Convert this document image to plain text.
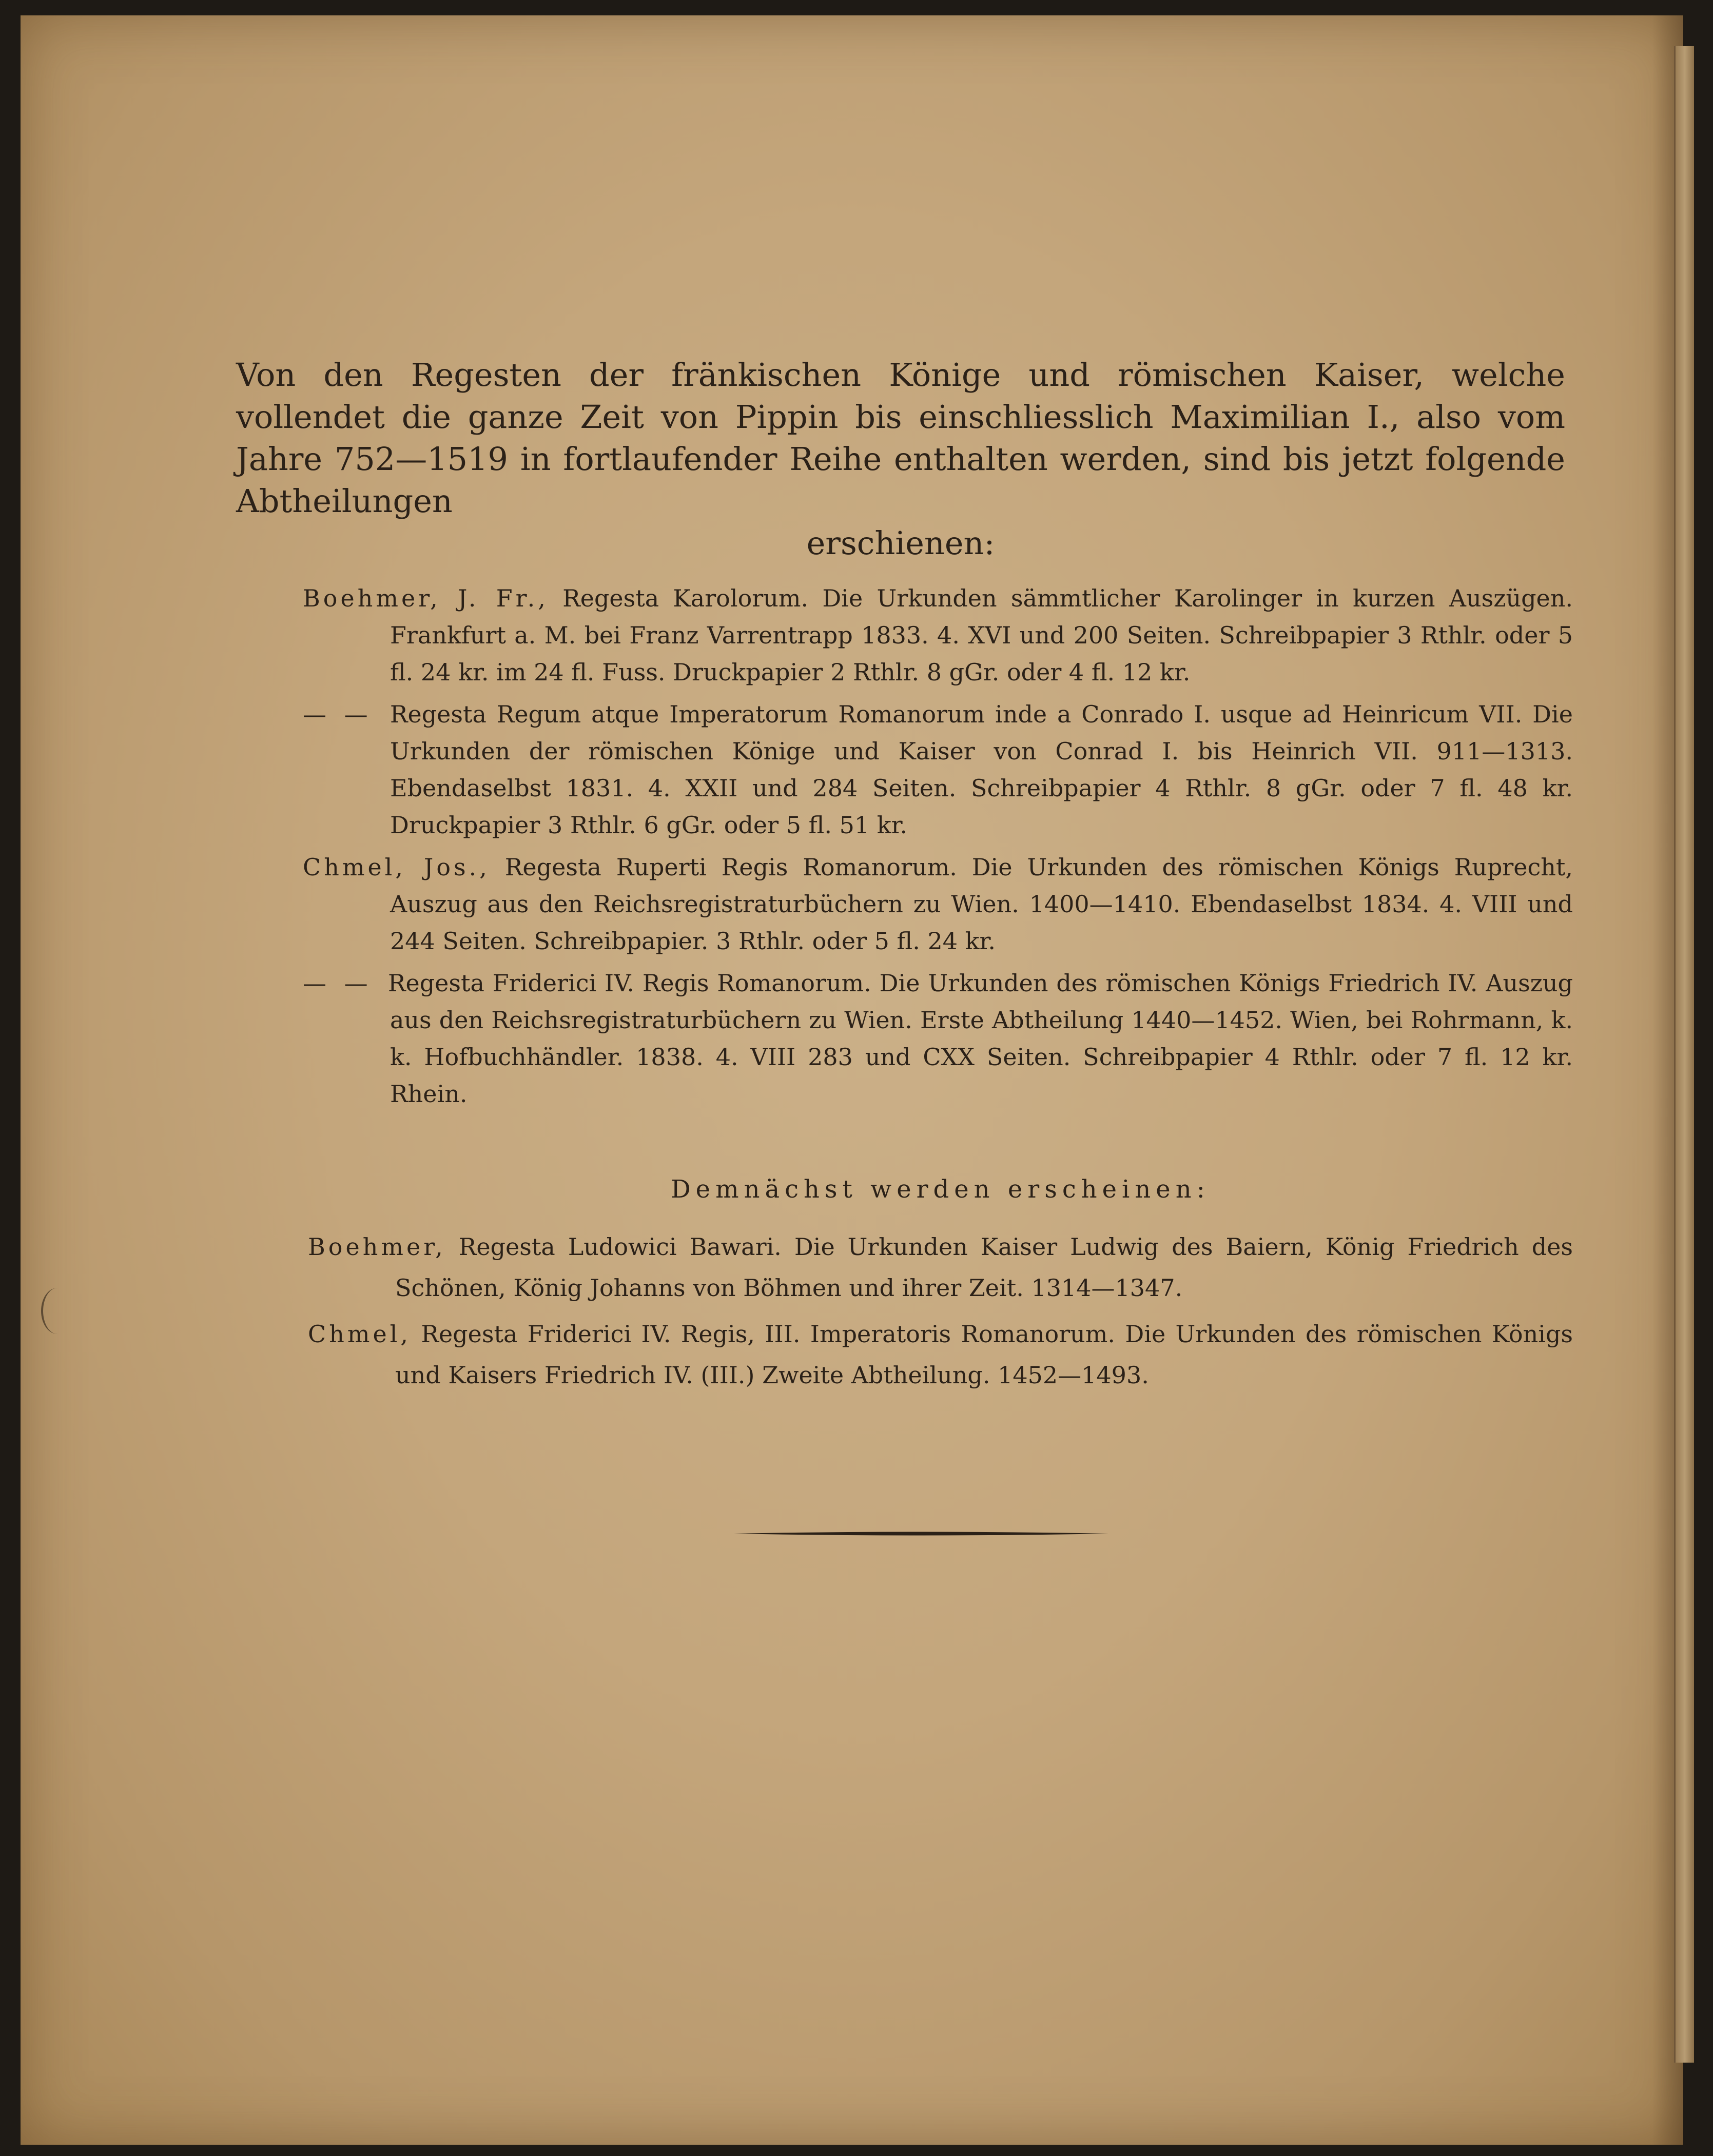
Von den Regesten der fränkischen Könige und römischen Kaiser, welche vollendet die ganze Zeit von Pippin bis einschliesslich Maximilian I., also vom Jahre 752—1519 in fortlaufender Reihe enthalten werden, sind bis jetzt folgende Abtheilungen
erschienen:
Boehmer, J. Fr., Regesta Karolorum. Die Urkunden sämmtlicher Karolinger in kurzen Auszügen. Frankfurt a. M. bei Franz Varrentrapp 1833. 4. XVI und 200 Seiten. Schreibpapier 3 Rthlr. oder 5 fl. 24 kr. im 24 fl. Fuss. Druckpapier 2 Rthlr. 8 gGr. oder 4 fl. 12 kr.
— — Regesta Regum atque Imperatorum Romanorum inde a Conrado I. usque ad Heinricum VII. Die Urkunden der römischen Könige und Kaiser von Conrad I. bis Heinrich VII. 911—1313. Ebendaselbst 1831. 4. XXII und 284 Seiten. Schreibpapier 4 Rthlr. 8 gGr. oder 7 fl. 48 kr. Druckpapier 3 Rthlr. 6 gGr. oder 5 fl. 51 kr.
Chmel, Jos., Regesta Ruperti Regis Romanorum. Die Urkunden des römischen Königs Ruprecht, Auszug aus den Reichsregistraturbüchern zu Wien. 1400—1410. Ebendaselbst 1834. 4. VIII und 244 Seiten. Schreibpapier. 3 Rthlr. oder 5 fl. 24 kr.
— — Regesta Friderici IV. Regis Romanorum. Die Urkunden des römischen Königs Friedrich IV. Auszug aus den Reichsregistraturbüchern zu Wien. Erste Abtheilung 1440—1452. Wien, bei Rohrmann, k. k. Hofbuchhändler. 1838. 4. VIII 283 und CXX Seiten. Schreibpapier 4 Rthlr. oder 7 fl. 12 kr. Rhein.
Demnächst werden erscheinen:
Boehmer, Regesta Ludowici Bawari. Die Urkunden Kaiser Ludwig des Baiern, König Friedrich des Schönen, König Johanns von Böhmen und ihrer Zeit. 1314—1347.
Chmel, Regesta Friderici IV. Regis, III. Imperatoris Romanorum. Die Urkunden des römischen Königs und Kaisers Friedrich IV. (III.) Zweite Abtheilung. 1452—1493.
